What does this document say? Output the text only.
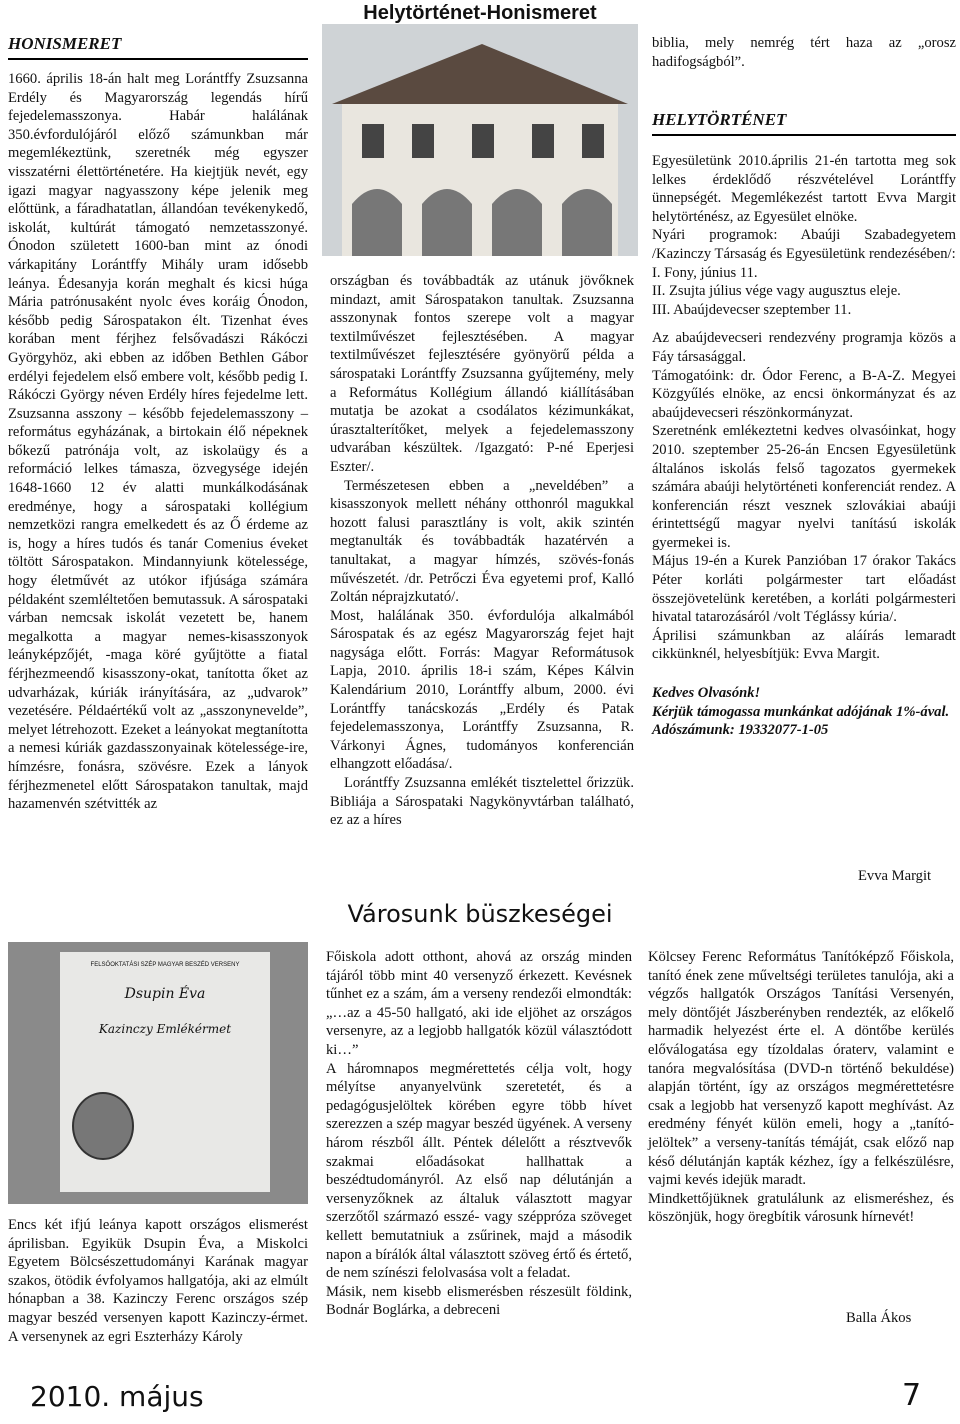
Helytörténet-Honismeret
HONISMERET

1660. április 18-án halt meg Lorántffy Zsuzsanna Erdély és Magyarország legendás hírű fejedelemasszonya. Habár halálának 350.évfordulójáról előző számunkban már megemlékeztünk, szeretnék még egyszer visszatérni élettörténetére. Ha kiejtjük nevét, egy igazi magyar nagyasszony képe jelenik meg előttünk, a fáradhatatlan, állandóan tevékenykedő, iskolát, kultúrát támogató nemzetasszonyé. Ónodon született 1600-ban mint az ónodi várkapitány Lorántffy Mihály uram idősebb leánya. Édesanyja korán meghalt és kicsi húga Mária patrónusaként nyolc éves koráig Ónodon, később pedig Sárospatakon élt. Tizenhat éves korában ment férjhez felsővadászi Rákóczi Györgyhöz, aki ebben az időben Bethlen Gábor erdélyi fejedelem első embere volt, később pedig I. Rákóczi György néven Erdély híres fejedelme lett. Zsuzsanna asszony – később fejedelemasszony – református egyházának, a birtokain élő népeknek bőkezű patrónája volt, az iskolaügy és a reformáció lelkes támasza, özvegysége idején 1648-1660 12 év alatti munkálkodásának eredménye, hogy a sárospataki kollégium nemzetközi rangra emelkedett és az Ő érdeme az is, hogy a híres tudós és tanár Comenius éveket töltött Sárospatakon. Mindannyiunk kötelessége, hogy életművét az utókor ifjúsága számára példaként szemléltetően bemutassuk. A sárospataki várban nemcsak iskolát vezetett be, hanem megalkotta a magyar nemes-kisasszonyok leányképzőjét, -maga köré gyűjtötte a fiatal férjhezmeendő kisasszony-okat, tanította őket az udvarházak, kúriák irányítására, az „udvarok” vezetésére. Példaértékű volt az „asszonynevelde”, melyet létrehozott. Ezeket a leányokat megtanította a nemesi kúriák gazdasszonyainak kötelessége-ire, hímzésre, fonásra, szövésre. Ezek a lányok férjhezmenetel előtt Sárospatakon tanultak, majd hazamenvén szétvitték az

országban és továbbadták az utánuk jövőknek mindazt, amit Sárospatakon tanultak. Zsuzsanna asszonynak fontos szerepe volt a magyar textilművészet fejlesztésében. A magyar textilművészet fejlesztésére gyönyörű példa a sárospataki Lorántffy Zsuzsanna gyűjtemény, mely a Református Kollégium állandó kiállításában mutatja be azokat a csodálatos kézimunkákat, úrasztalterítőket, melyek a fejedelemasszony udvarában készültek. /Igazgató: P-né Eperjesi Eszter/.

Természetesen ebben a „neveldében” a kisasszonyok mellett néhány otthonról magukkal hozott falusi parasztlány is volt, akik szintén megtanulták és továbbadták hazatérvén a tanultakat, a magyar hímzés, szövés-fonás művészetét. /dr. Petrőczi Éva egyetemi prof, Kalló Zoltán néprajzkutató/.

Most, halálának 350. évfordulója alkalmából Sárospatak és az egész Magyarország fejet hajt nagysága előtt. Forrás: Magyar Reformátusok Lapja, 2010. április 18-i szám, Képes Kálvin Kalendárium 2010, Lorántffy album, 2000. évi Lorántffy tanácskozás „Erdély és Patak fejedelemasszonya, Lorántffy Zsuzsanna, R. Várkonyi Ágnes, tudományos konferencián elhangzott előadása/.

Lorántffy Zsuzsanna emlékét tisztelettel őrizzük. Bibliája a Sárospataki Nagykönyvtárban található, ez az a híres

biblia, mely nemrég tért haza az „orosz hadifogságból”.

HELYTÖRTÉNET

Egyesületünk 2010.április 21-én tartotta meg sok lelkes érdeklődő részvételével Lorántffy ünnepségét. Megemlékezést tartott Evva Margit helytörténész, az Egyesület elnöke.

Nyári programok: Abaúji Szabadegyetem /Kazinczy Társaság és Egyesületünk rendezésében/:

I. Fony, június 11.

II. Zsujta július vége vagy augusztus eleje.

III. Abaújdevecser szeptember 11.

Az abaújdevecseri rendezvény programja közös a Fáy társasággal.

Támogatóink: dr. Ódor Ferenc, a B-A-Z. Megyei Közgyűlés elnöke, az encsi önkormányzat és az abaújdevecseri részönkormányzat.

Szeretnénk emlékeztetni kedves olvasóinkat, hogy 2010. szeptember 25-26-án Encsen Egyesületünk általános iskolás felső tagozatos gyermekek számára abaúji helytörténeti konferenciát rendez. A konferencián részt vesznek szlovákiai abaúji érintettségű magyar nyelvi tanítású iskolák gyermekei is.

Május 19-én a Kurek Panzióban 17 órakor Takács Péter korláti polgármester tart előadást összejövetelünk keretében, a korláti polgármesteri hivatal tatarozásáról /volt Téglássy kúria/.

Áprilisi számunkban az aláírás lemaradt cikkünknél, helyesbítjük: Evva Margit.

Kedves Olvasónk!
Kérjük támogassa munkánkat adójának 1%-ával.
Adószámunk: 19332077-1-05
Evva Margit
Városunk büszkeségei
FELSŐOKTATÁSI SZÉP MAGYAR BESZÉD VERSENY
Dsupin Éva
Kazinczy Emlékérmet

Encs két ifjú leánya kapott országos elismerést áprilisban. Egyikük Dsupin Éva, a Miskolci Egyetem Bölcsészettudományi Karának magyar szakos, ötödik évfolyamos hallgatója, aki az elmúlt hónapban a 38. Kazinczy Ferenc országos szép magyar beszéd versenyen kapott Kazinczy-érmet. A versenynek az egri Eszterházy Károly

Főiskola adott otthont, ahová az ország minden tájáról több mint 40 versenyző érkezett. Kevésnek tűnhet ez a szám, ám a verseny rendezői elmondták: „…az a 45-50 hallgató, aki ide eljöhet az országos versenyre, az a legjobb hallgatók közül választódott ki…”

A háromnapos megmérettetés célja volt, hogy mélyítse anyanyelvünk szeretetét, és a pedagógusjelöltek körében egyre több hívet szerezzen a szép magyar beszéd ügyének. A verseny három részből állt. Péntek délelőtt a résztvevők szakmai előadásokat hallhattak a beszédtudományról. Az első nap délutánján a versenyzőknek az általuk választott magyar szerzőtől származó esszé- vagy széppróza szöveget kellett bemutatniuk a zsűrinek, majd a második napon a bírálók által választott szöveg értő és értető, de nem színészi felolvasása volt a feladat.

Másik, nem kisebb elismerésben részesült földink, Bodnár Boglárka, a debreceni

Kölcsey Ferenc Református Tanítóképző Főiskola, tanító ének zene műveltségi területes tanulója, aki a végzős hallgatók Országos Tanítási Versenyén, mely döntőjét Jászberényben rendezték, az előkelő harmadik helyezést érte el. A döntőbe kerülés előválogatása egy tízoldalas óraterv, valamint e tanóra megvalósítása (DVD-n történő bekuldése) alapján történt, így az országos megmérettetésre csak a legjobb hat versenyző kapott meghívást. Az eredmény fényét külön emeli, hogy a „tanító-jelöltek” a verseny-tanítás témáját, csak előző nap késő délutánján kapták kézhez, így a felkészülésre, vajmi kevés idejük maradt.

Mindkettőjüknek gratulálunk az elismeréshez, és köszönjük, hogy öregbítik városunk hírnevét!

Balla Ákos
2010. május	7
